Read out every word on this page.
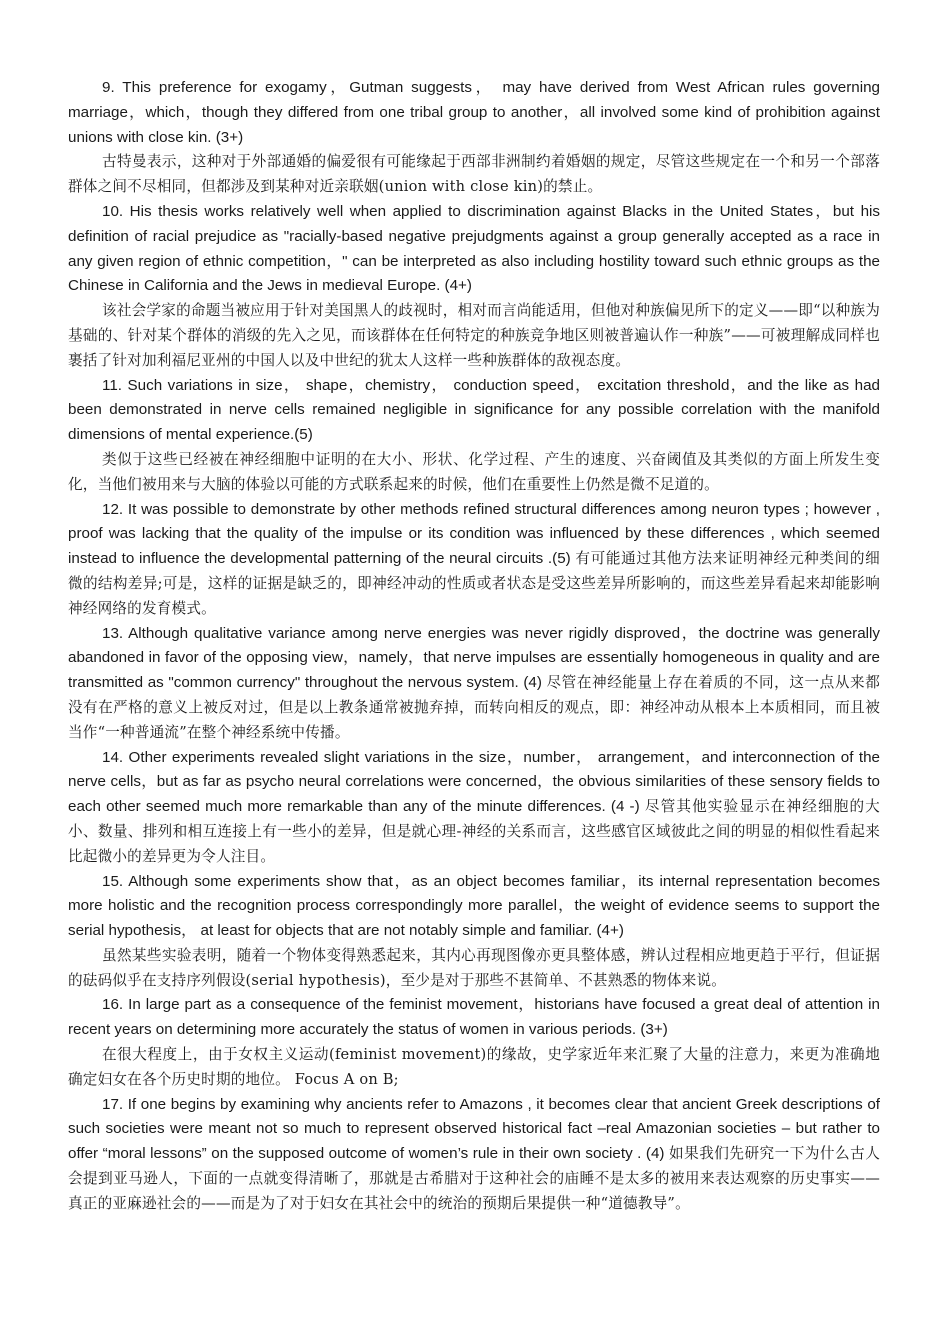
9. This preference for exogamy，Gutman suggests， may have derived from West African rules governing marriage，which，though they differed from one tribal group to another，all involved some kind of prohibition against unions with close kin. (3+)

古特曼表示，这种对于外部通婚的偏爱很有可能缘起于西部非洲制约着婚姻的规定，尽管这些规定在一个和另一个部落群体之间不尽相同，但都涉及到某种对近亲联姻(union with close kin)的禁止。

10. His thesis works relatively well when applied to discrimination against Blacks in the United States，but his definition of racial prejudice as "racially-based negative prejudgments against a group generally accepted as a race in any given region of ethnic competition，" can be interpreted as also including hostility toward such ethnic groups as the Chinese in California and the Jews in medieval Europe. (4+)

该社会学家的命题当被应用于针对美国黑人的歧视时，相对而言尚能适用，但他对种族偏见所下的定义——即“以种族为基础的、针对某个群体的消级的先入之见，而该群体在任何特定的种族竞争地区则被普遍认作一种族”——可被理解成同样也裹括了针对加利福尼亚州的中国人以及中世纪的犹太人这样一些种族群体的敌视态度。

11. Such variations in size， shape，chemistry， conduction speed， excitation threshold，and the like as had been demonstrated in nerve cells remained negligible in significance for any possible correlation with the manifold dimensions of mental experience.(5)

类似于这些已经被在神经细胞中证明的在大小、形状、化学过程、产生的速度、兴奋阈值及其类似的方面上所发生变化，当他们被用来与大脑的体验以可能的方式联系起来的时候，他们在重要性上仍然是微不足道的。

12. It was possible to demonstrate by other methods refined structural differences among neuron types ; however , proof was lacking that the quality of the impulse or its condition was influenced by these differences , which seemed instead to influence the developmental patterning of the neural circuits .(5) 有可能通过其他方法来证明神经元种类间的细微的结构差异;可是，这样的证据是缺乏的，即神经冲动的性质或者状态是受这些差异所影响的，而这些差异看起来却能影响神经网络的发育模式。

13. Although qualitative variance among nerve energies was never rigidly disproved，the doctrine was generally abandoned in favor of the opposing view，namely，that nerve impulses are essentially homogeneous in quality and are transmitted as "common currency" throughout the nervous system. (4) 尽管在神经能量上存在着质的不同，这一点从来都没有在严格的意义上被反对过，但是以上教条通常被抛弃掉，而转向相反的观点，即：神经冲动从根本上本质相同，而且被当作“一种普通流”在整个神经系统中传播。

14. Other experiments revealed slight variations in the size，number， arrangement，and interconnection of the nerve cells，but as far as psycho neural correlations were concerned，the obvious similarities of these sensory fields to each other seemed much more remarkable than any of the minute differences. (4 -) 尽管其他实验显示在神经细胞的大小、数量、排列和相互连接上有一些小的差异，但是就心理-神经的关系而言，这些感官区域彼此之间的明显的相似性看起来比起微小的差异更为令人注目。

15. Although some experiments show that，as an object becomes familiar，its internal representation becomes more holistic and the recognition process correspondingly more parallel，the weight of evidence seems to support the serial hypothesis， at least for objects that are not notably simple and familiar. (4+)

虽然某些实验表明，随着一个物体变得熟悉起来，其内心再现图像亦更具整体感，辨认过程相应地更趋于平行，但证据的砝码似乎在支持序列假设(serial hypothesis)，至少是对于那些不甚简单、不甚熟悉的物体来说。

16. In large part as a consequence of the feminist movement，historians have focused a great deal of attention in recent years on determining more accurately the status of women in various periods. (3+)

在很大程度上，由于女权主义运动(feminist movement)的缘故，史学家近年来汇聚了大量的注意力，来更为准确地确定妇女在各个历史时期的地位。 Focus A on B;

17. If one begins by examining why ancients refer to Amazons , it becomes clear that ancient Greek descriptions of such societies were meant not so much to represent observed historical fact –real Amazonian societies – but rather to offer “moral lessons” on the supposed outcome of women’s rule in their own society . (4) 如果我们先研究一下为什么古人会提到亚马逊人，下面的一点就变得清晰了，那就是古希腊对于这种社会的庙睡不是太多的被用来表达观察的历史事实——真正的亚麻逊社会的——而是为了对于妇女在其社会中的统治的预期后果提供一种“道德教导”。
